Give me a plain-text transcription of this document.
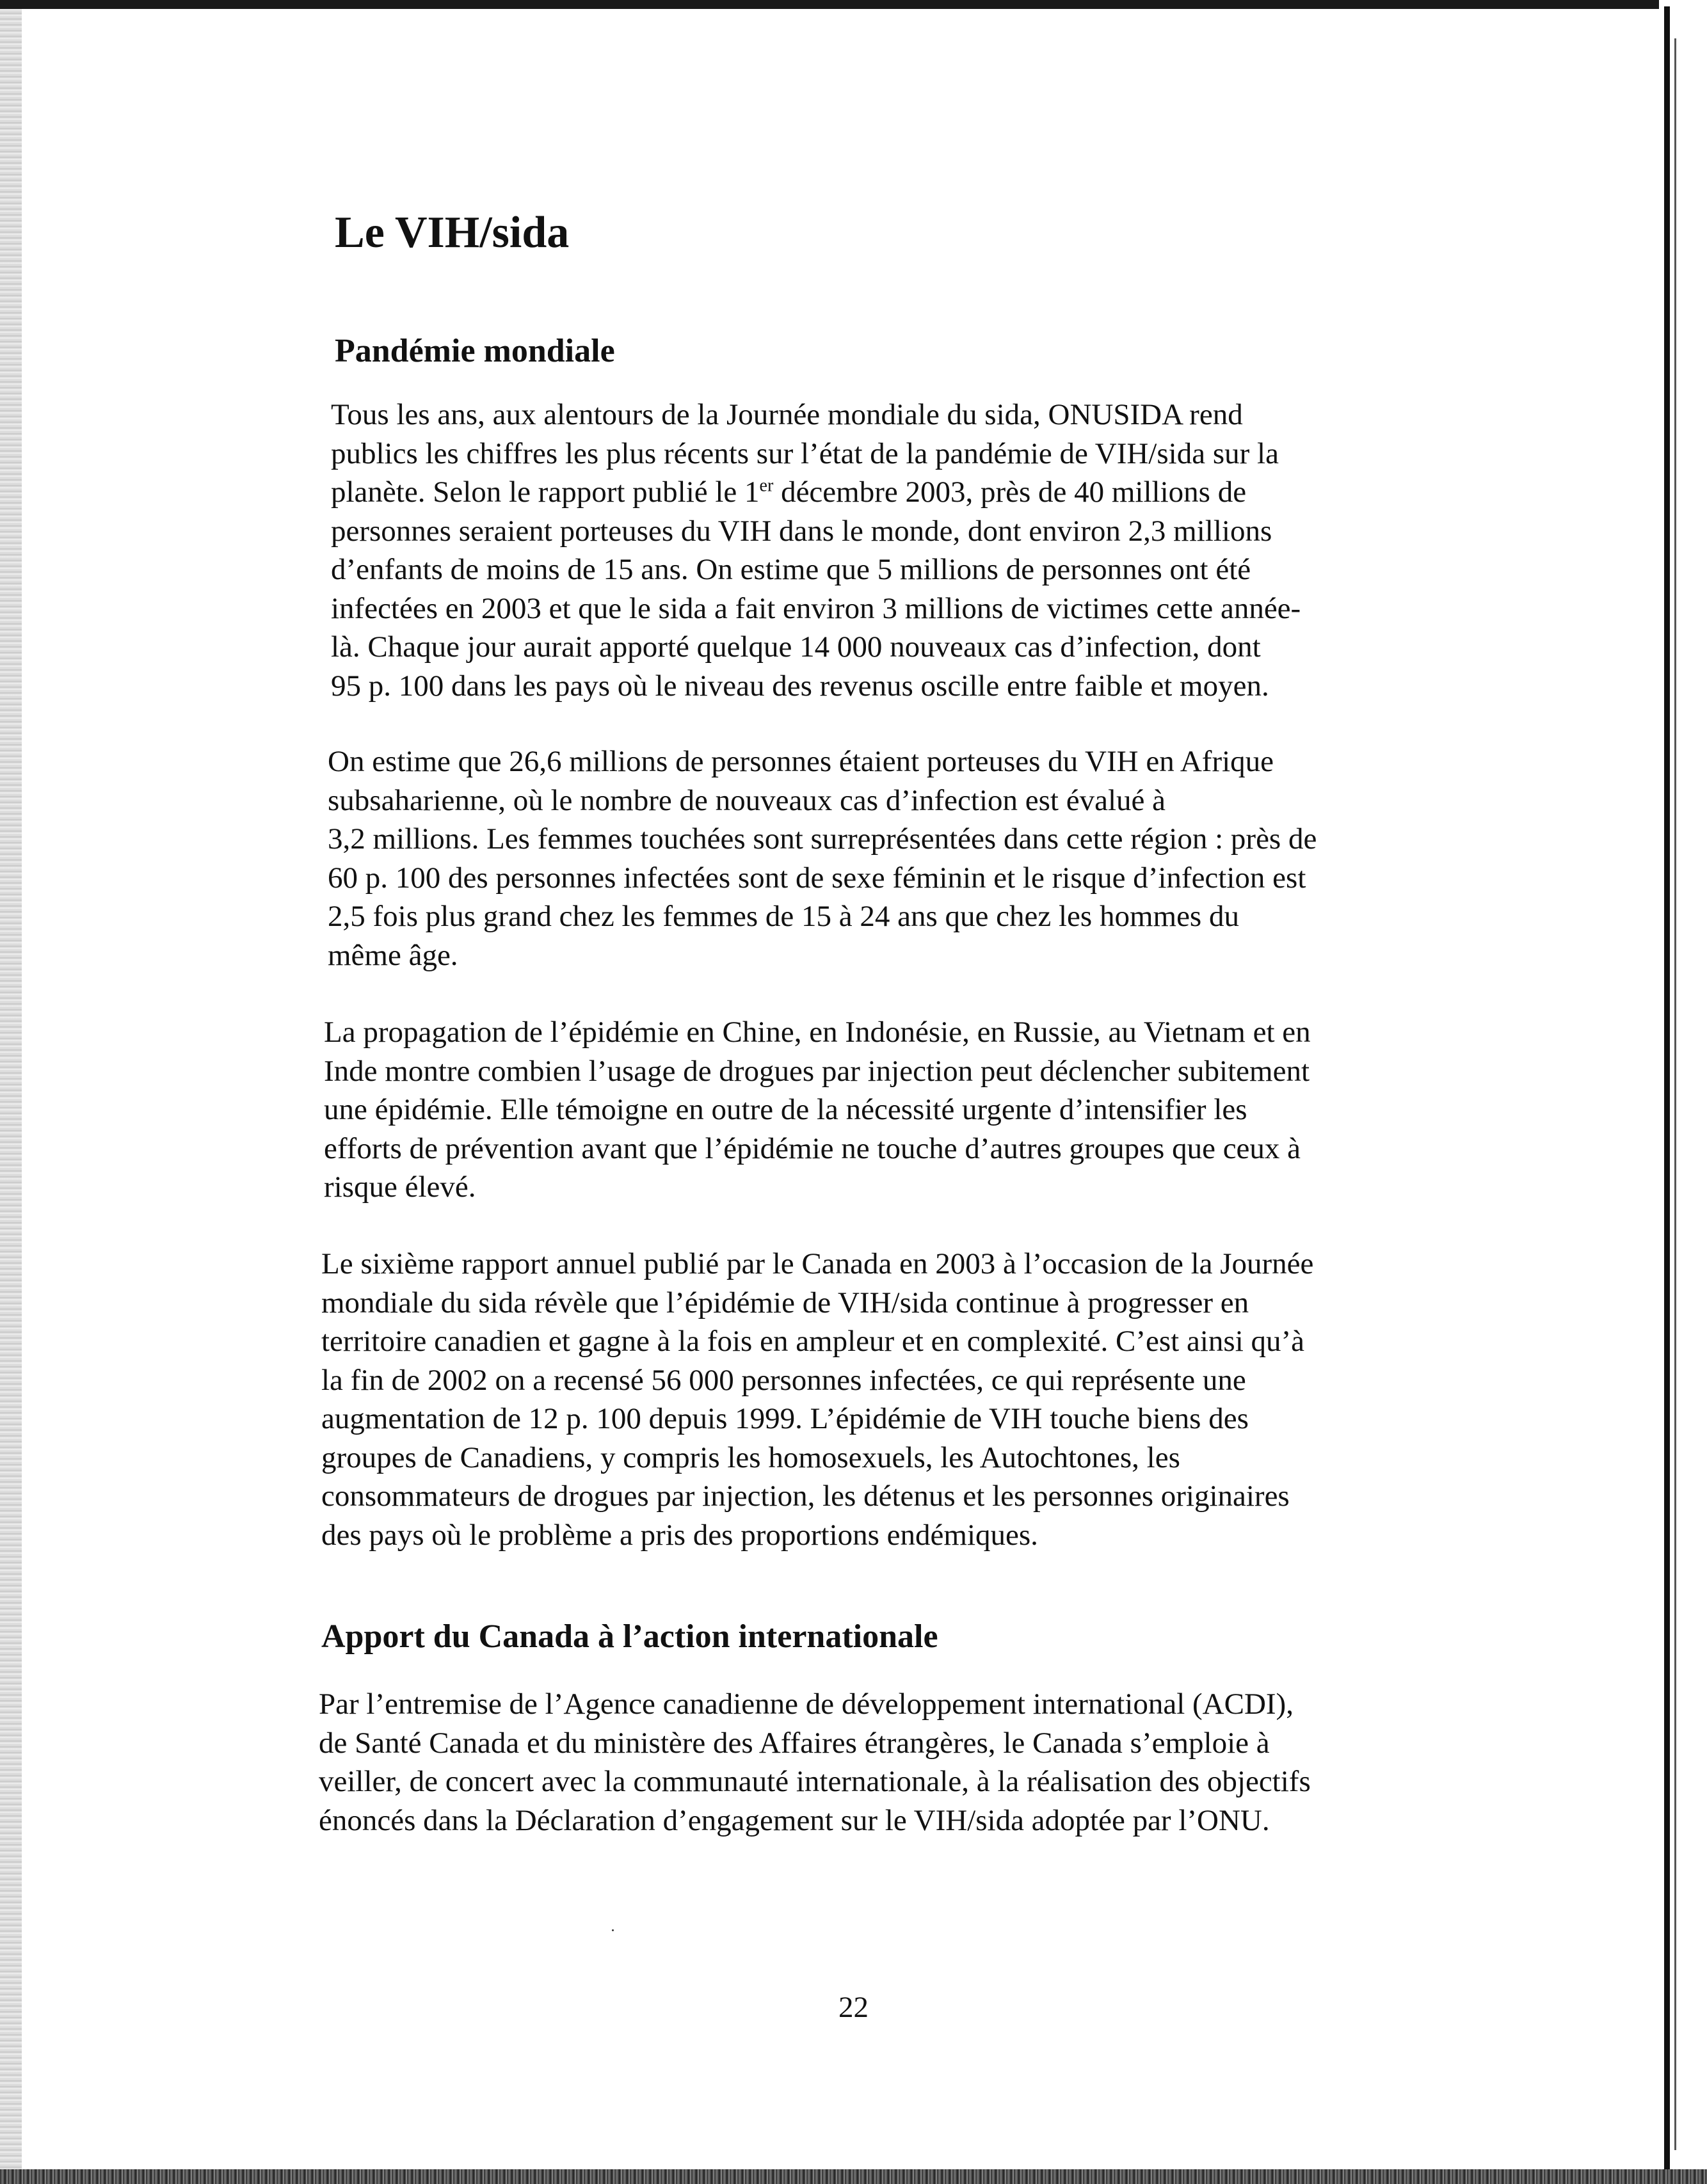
Le VIH/sida
Pandémie mondiale
Tous les ans, aux alentours de la Journée mondiale du sida, ONUSIDA rend
publics les chiffres les plus récents sur l’état de la pandémie de VIH/sida sur la
planète. Selon le rapport publié le 1er décembre 2003, près de 40 millions de
personnes seraient porteuses du VIH dans le monde, dont environ 2,3 millions
d’enfants de moins de 15 ans. On estime que 5 millions de personnes ont été
infectées en 2003 et que le sida a fait environ 3 millions de victimes cette année-
là. Chaque jour aurait apporté quelque 14 000 nouveaux cas d’infection, dont
95 p. 100 dans les pays où le niveau des revenus oscille entre faible et moyen.
On estime que 26,6 millions de personnes étaient porteuses du VIH en Afrique
subsaharienne, où le nombre de nouveaux cas d’infection est évalué à
3,2 millions. Les femmes touchées sont surreprésentées dans cette région : près de
60 p. 100 des personnes infectées sont de sexe féminin et le risque d’infection est
2,5 fois plus grand chez les femmes de 15 à 24 ans que chez les hommes du
même âge.
La propagation de l’épidémie en Chine, en Indonésie, en Russie, au Vietnam et en
Inde montre combien l’usage de drogues par injection peut déclencher subitement
une épidémie. Elle témoigne en outre de la nécessité urgente d’intensifier les
efforts de prévention avant que l’épidémie ne touche d’autres groupes que ceux à
risque élevé.
Le sixième rapport annuel publié par le Canada en 2003 à l’occasion de la Journée
mondiale du sida révèle que l’épidémie de VIH/sida continue à progresser en
territoire canadien et gagne à la fois en ampleur et en complexité. C’est ainsi qu’à
la fin de 2002 on a recensé 56 000 personnes infectées, ce qui représente une
augmentation de 12 p. 100 depuis 1999. L’épidémie de VIH touche biens des
groupes de Canadiens, y compris les homosexuels, les Autochtones, les
consommateurs de drogues par injection, les détenus et les personnes originaires
des pays où le problème a pris des proportions endémiques.
Apport du Canada à l’action internationale
Par l’entremise de l’Agence canadienne de développement international (ACDI),
de Santé Canada et du ministère des Affaires étrangères, le Canada s’emploie à
veiller, de concert avec la communauté internationale, à la réalisation des objectifs
énoncés dans la Déclaration d’engagement sur le VIH/sida adoptée par l’ONU.
22
